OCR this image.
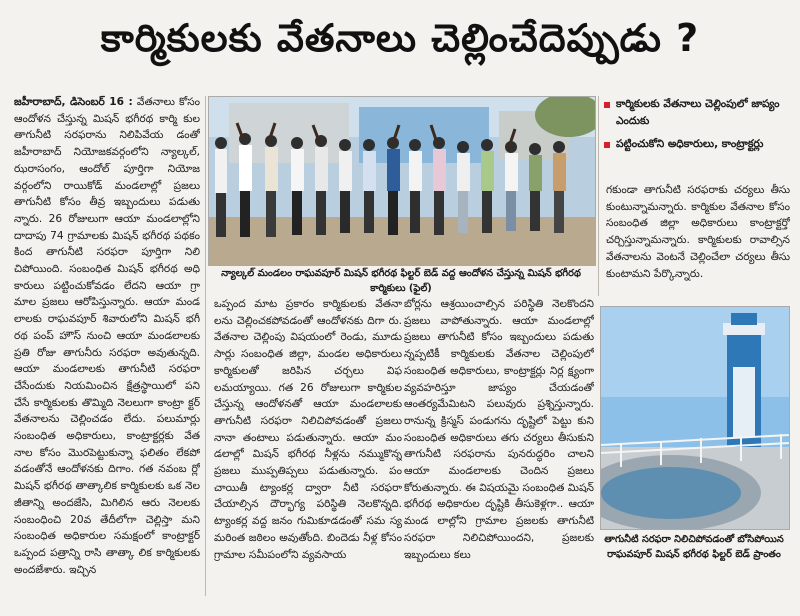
కార్మికులకు వేతనాలు చెల్లించేదెప్పుడు ?

జహీరాబాద్, డిసెంబర్ 16 : వేతనాలు కోసం ఆందోళన చేస్తున్న మిషన్ భగీరథ కార్మి కుల తాగునీటి సరఫరాను నిలిపివేయ డంతో జహీరాబాద్ నియోజకవర్గంలోని న్యాల్కల్, ఝరాసంగం, ఆందోల్ పూర్తిగా నియోజ వర్గంలోని రాయికోడ్ మండలాల్లో ప్రజలు తాగునీటి కోసం తీవ్ర ఇబ్బందులు పడుతు న్నారు. 26 రోజులుగా ఆయా మండలాల్లోని దాదాపు 74 గ్రామాలకు మిషన్ భగీరథ పథకం కింద తాగునీటి సరఫరా పూర్తిగా నిలి చిపోయింది. సంబంధిత మిషన్ భగీరథ అధి కారులు పట్టించుకోవడం లేదని ఆయా గ్రా మాల ప్రజలు ఆరోపిస్తున్నారు. ఆయా మండ లాలకు రాఘవపూర్ శివారులోని మిషన్ భగీ రథ పంప్ హౌస్ నుంచి ఆయా మండలాలకు ప్రతి రోజు తాగునీరు సరఫరా అవుతున్నది. ఆయా మండలాలకు తాగునీటి సరఫరా చేసేందుకు నియమించిన క్షేత్రస్థాయిలో పని చేసే కార్మికులకు తొమ్మిది నెలలుగా కాంట్రా క్టర్ వేతనాలను చెల్లించడం లేదు. పలుమార్లు సంబంధిత అధికారులు, కాంట్రాక్టర్లకు వేత నాల కోసం మొరపెట్టుకున్నా ఫలితం లేకపో వడంతోనే ఆందోళనకు దిగాం. గత నవంబ ర్లో మిషన్ భగీరథ తాత్కాలిక కార్మికులకు ఒక నెల జీతాన్ని అందజేసి, మిగిలిన ఆరు నెలలకు సంబంధించి 20వ తేదీలోగా చెల్లిస్తా మని సంబంధిత అధికారుల సమక్షంలో కాంట్రాక్టర్ ఒప్పంద పత్రాన్ని రాసి తాత్కా లిక కార్మికులకు అందజేశారు. ఇచ్చిన

న్యాల్కల్ మండలం రాఘవపూర్ మిషన్ భగీరథ ఫిల్టర్ బెడ్ వద్ద ఆందోళన చేస్తున్న మిషన్ భగీరథ కార్మికులు (ఫైల్)
కార్మికులకు వేతనాలు చెల్లింపులో జాప్యం ఎందుకు
పట్టించుకోని అధికారులు, కాంట్రాక్టర్లు

గకుండా తాగునీటి సరఫరాకు చర్యలు తీసు కుంటున్నామన్నారు. కార్మికుల వేతనాల కోసం సంబంధిత జిల్లా అధికారులు కాంట్రాక్టర్తో చర్చిస్తున్నామన్నారు. కార్మికులకు రావాల్సిన వేతనాలను వెంటనే చెల్లించేలా చర్యలు తీసు కుంటామని పేర్కొన్నారు.

ఒప్పంద మాట ప్రకారం కార్మికులకు వేతనా లను చెల్లించకపోవడంతో ఆందోళనకు దిగా రు. వేతనాల చెల్లింపు విషయంలో రెండు, మూడు సార్లు సంబంధిత జిల్లా, మండల అధికారులు కార్మికులతో జరిపిన చర్చలు విఫ లమయ్యాయి. గత 26 రోజులుగా కార్మికుల చేస్తున్న ఆందోళనతో ఆయా మండలాలకు తాగునీటి సరఫరా నిలిచిపోవడంతో ప్రజలు నానా తంటాలు పడుతున్నారు. ఆయా మం డలాల్లో మిషన్ భగీరథ నీళ్లను నమ్ముకొన్న ప్రజలు ముప్పతిప్పలు పడుతున్నారు. పం చాయితీ ట్యాంకర్ల ద్వారా నీటి సరఫరా చేయాల్సిన దౌర్భాగ్య పరిస్థితి నెలకొన్నది. ట్యాంకర్ల వద్ద జనం గుమికూడడంతో సమ స్య మరింత జఠిలం అవుతోంది. బిందెడు నీళ్ల కోసం గ్రామాల సమీపంలోని వ్యవసాయ

బోర్లను ఆశ్రయించాల్సిన పరిస్థితి నెలకొందని ప్రజలు వాపోతున్నారు. ఆయా మండలాల్లో ప్రజలు తాగునీటి కోసం ఇబ్బందులు పడుతు న్నప్పటికీ కార్మికులకు వేతనాల చెల్లింపులో సంబంధిత అధికారులు, కాంట్రాక్టర్లు నిర్ల క్ష్యంగా వ్యవహరిస్తూ జాప్యం చేయడంతో ఆంతర్యమేమిటని పలువురు ప్రశ్నిస్తున్నారు. రానున్న క్రిస్మస్ పండుగను దృష్టిలో పెట్టు కుని సంబంధిత అధికారులు తగు చర్యలు తీసుకుని తాగునీటి సరఫరాను పునరుద్ధరిం చాలని ఆయా మండలాలకు చెందిన ప్రజలు కోరుతున్నారు. ఈ విషయమై సంబంధిత మిషన్ భగీరథ అధికారుల దృష్టికి తీసుకెళ్లగా.. ఆయా మండ లాల్లోని గ్రామాల ప్రజలకు తాగునీటి సరఫరా నిలిచిపోయిందని, ప్రజలకు ఇబ్బందులు కలు

తాగునీటి సరఫరా నిలిచిపోవడంతో బోసిపోయిన రాఘవపూర్ మిషన్ భగీరథ ఫిల్టర్ బెడ్ ప్రాంతం
